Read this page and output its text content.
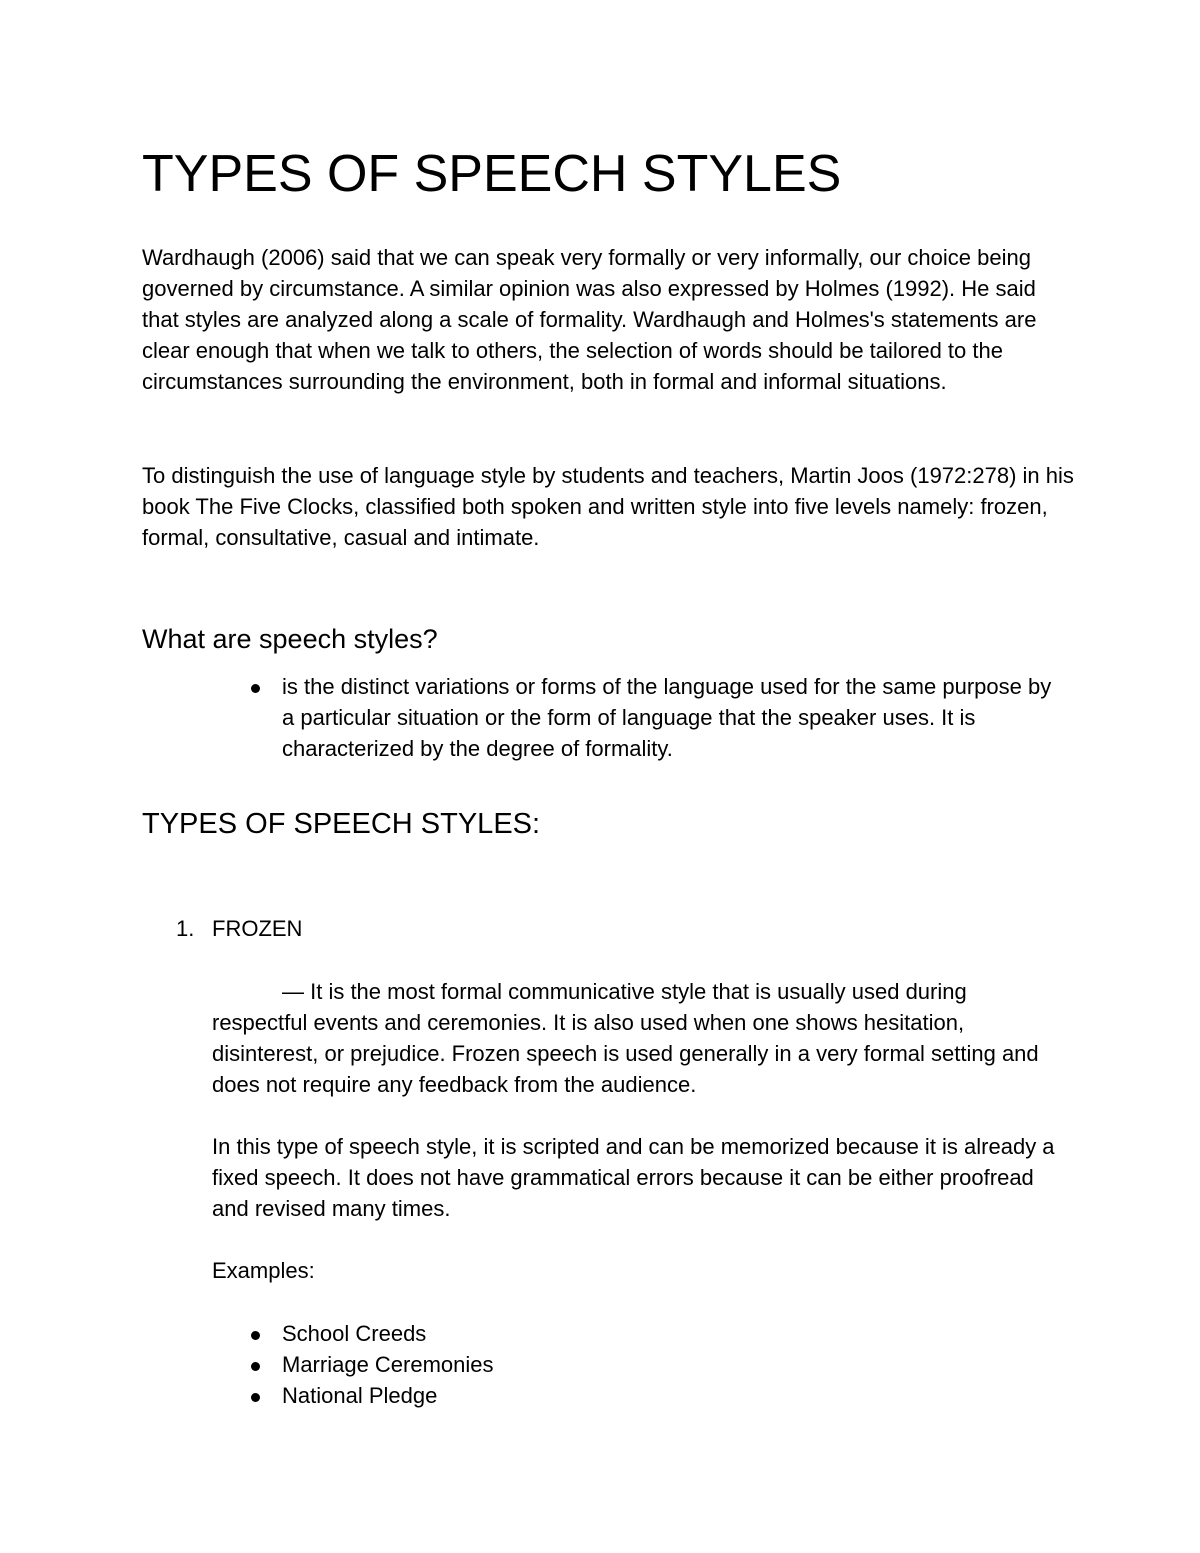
TYPES OF SPEECH STYLES

Wardhaugh (2006) said that we can speak very formally or very informally, our choice being governed by circumstance. A similar opinion was also expressed by Holmes (1992). He said that styles are analyzed along a scale of formality. Wardhaugh and Holmes's statements are clear enough that when we talk to others, the selection of words should be tailored to the circumstances surrounding the environment, both in formal and informal situations.

To distinguish the use of language style by students and teachers, Martin Joos (1972:278) in his book The Five Clocks, classified both spoken and written style into five levels namely: frozen, formal, consultative, casual and intimate.

What are speech styles?

is the distinct variations or forms of the language used for the same purpose by a particular situation or the form of language that the speaker uses. It is characterized by the degree of formality.

TYPES OF SPEECH STYLES:
1. FROZEN

— It is the most formal communicative style that is usually used during respectful events and ceremonies. It is also used when one shows hesitation, disinterest, or prejudice. Frozen speech is used generally in a very formal setting and does not require any feedback from the audience.

In this type of speech style, it is scripted and can be memorized because it is already a fixed speech. It does not have grammatical errors because it can be either proofread and revised many times.

Examples:
School Creeds
Marriage Ceremonies
National Pledge
